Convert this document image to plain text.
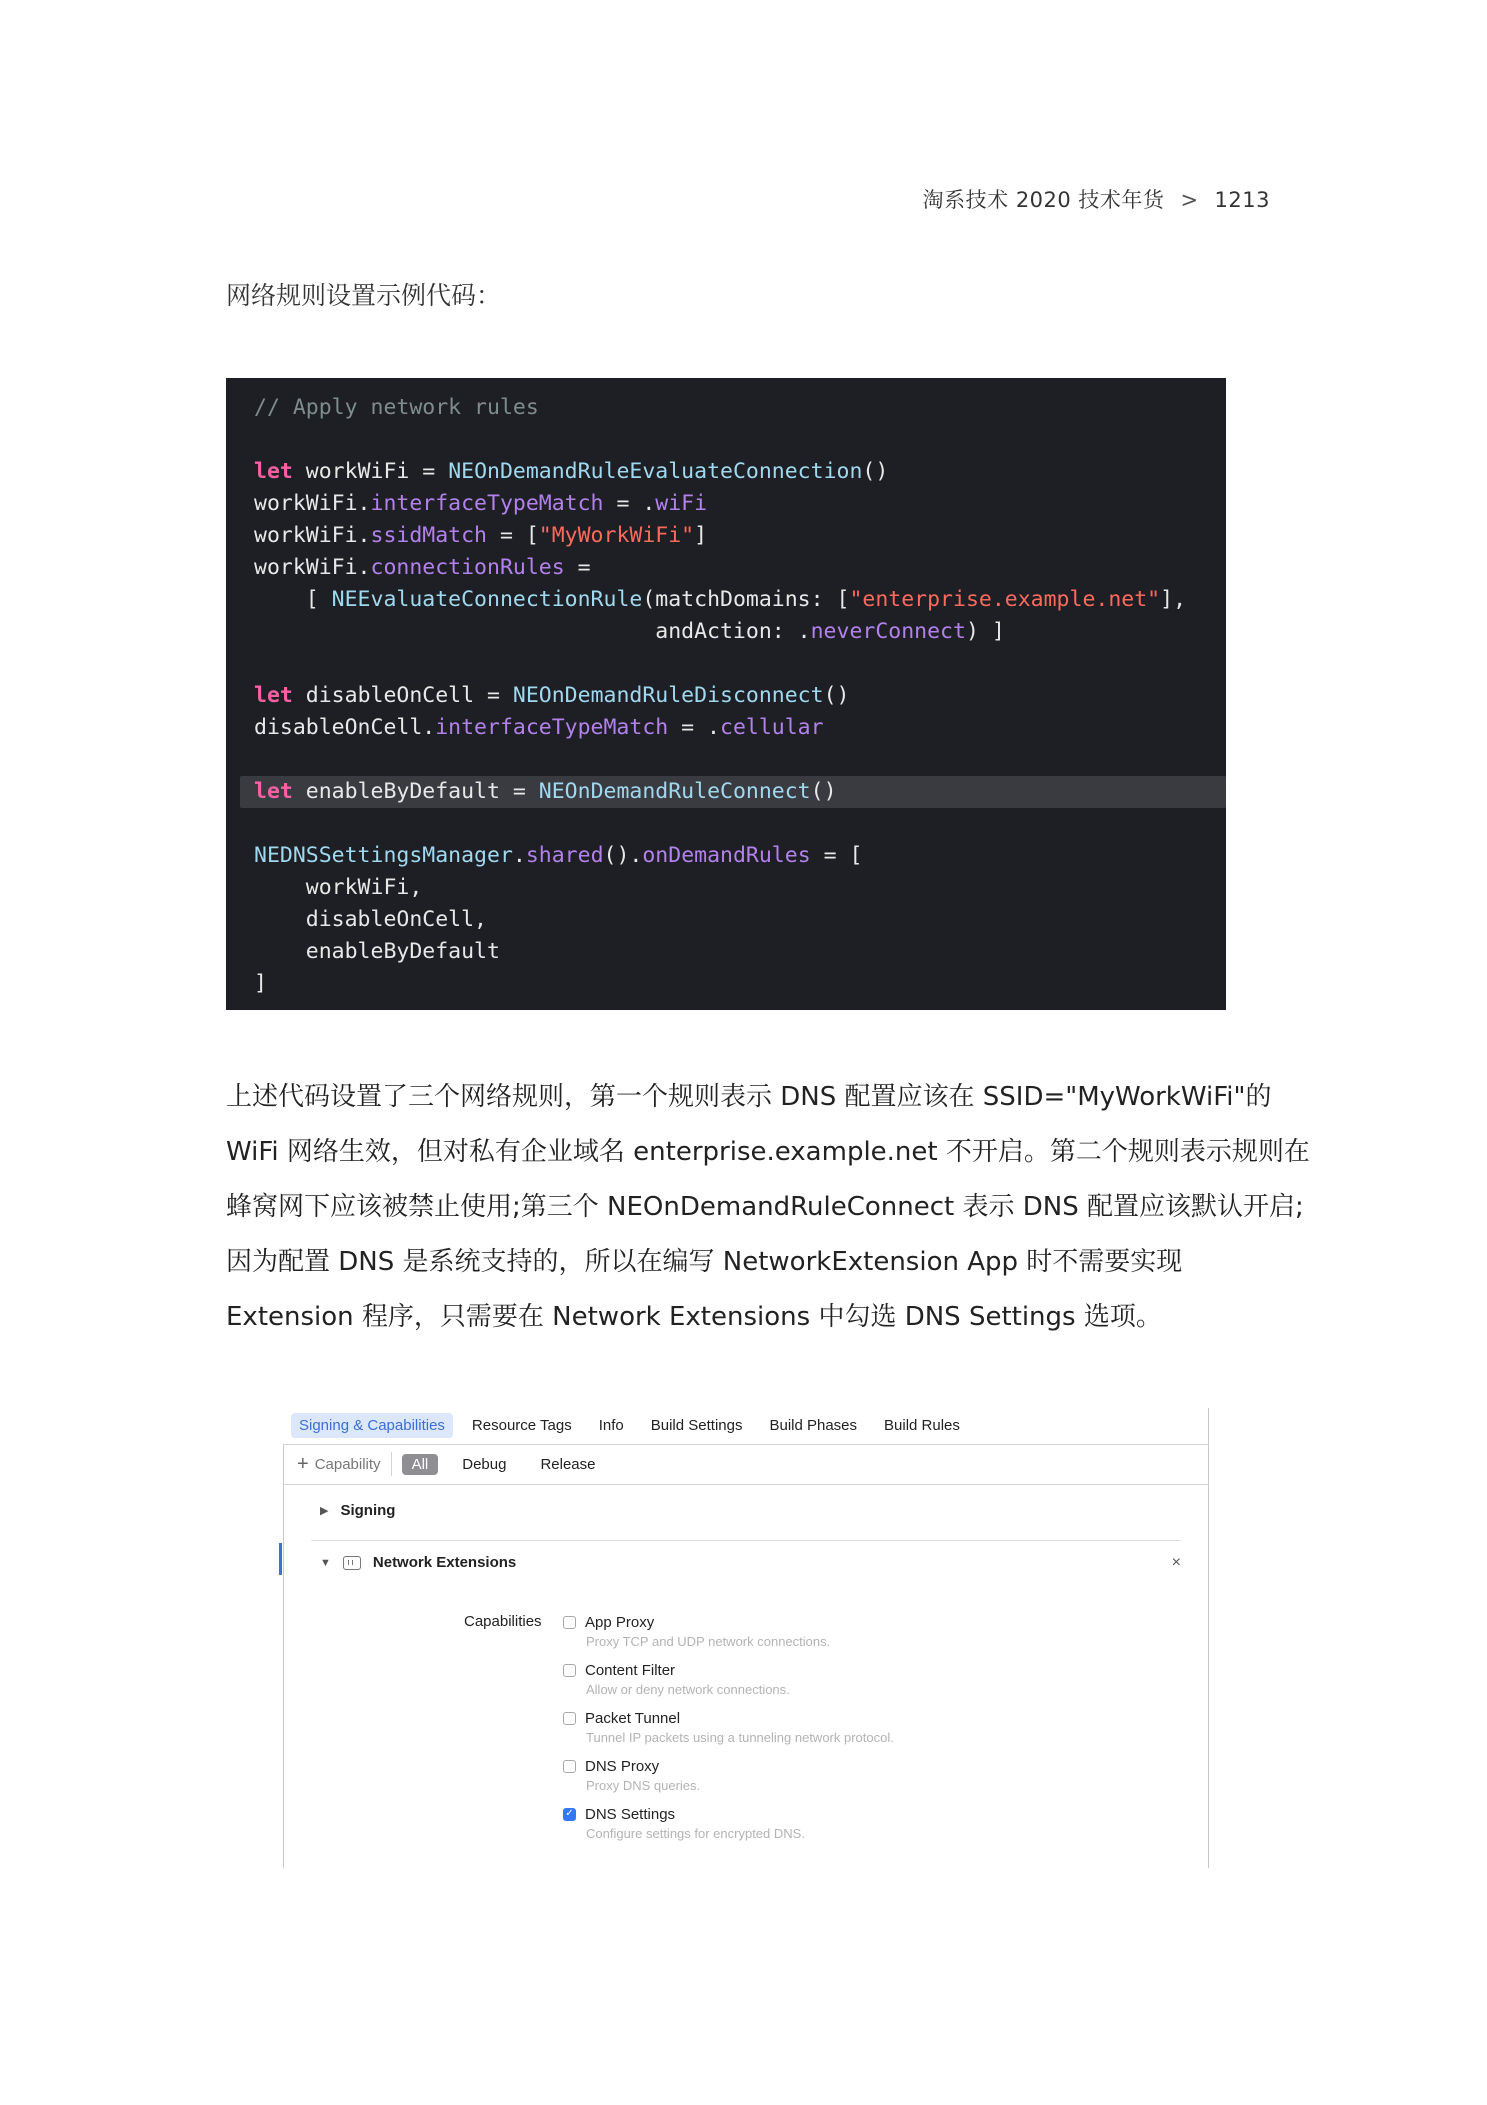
淘系技术 2020 技术年货 > 1213
网络规则设置示例代码：
// Apply network rules

let workWiFi = NEOnDemandRuleEvaluateConnection()
workWiFi.interfaceTypeMatch = .wiFi
workWiFi.ssidMatch = ["MyWorkWiFi"]
workWiFi.connectionRules =
[ NEEvaluateConnectionRule(matchDomains: ["enterprise.example.net"],
andAction: .neverConnect) ]

let disableOnCell = NEOnDemandRuleDisconnect()
disableOnCell.interfaceTypeMatch = .cellular

let enableByDefault = NEOnDemandRuleConnect()

NEDNSSettingsManager.shared().onDemandRules = [
workWiFi,
disableOnCell,
enableByDefault
]

上述代码设置了三个网络规则，第一个规则表示 DNS 配置应该在 SSID="MyWorkWiFi"的

WiFi 网络生效，但对私有企业域名 enterprise.example.net 不开启。第二个规则表示规则在

蜂窝网下应该被禁止使用;第三个 NEOnDemandRuleConnect 表示 DNS 配置应该默认开启;

因为配置 DNS 是系统支持的，所以在编写 NetworkExtension App 时不需要实现

Extension 程序，只需要在 Network Extensions 中勾选 DNS Settings 选项。

Signing & Capabilities	Resource Tags	Info	Build Settings	Build Phases	Build Rules
+ Capability	All	Debug	Release
▶ Signing
▼	Network Extensions	×
Capabilities	App Proxy
Proxy TCP and UDP network connections.
Content Filter
Allow or deny network connections.
Packet Tunnel
Tunnel IP packets using a tunneling network protocol.
DNS Proxy
Proxy DNS queries.
✓ DNS Settings
Configure settings for encrypted DNS.
